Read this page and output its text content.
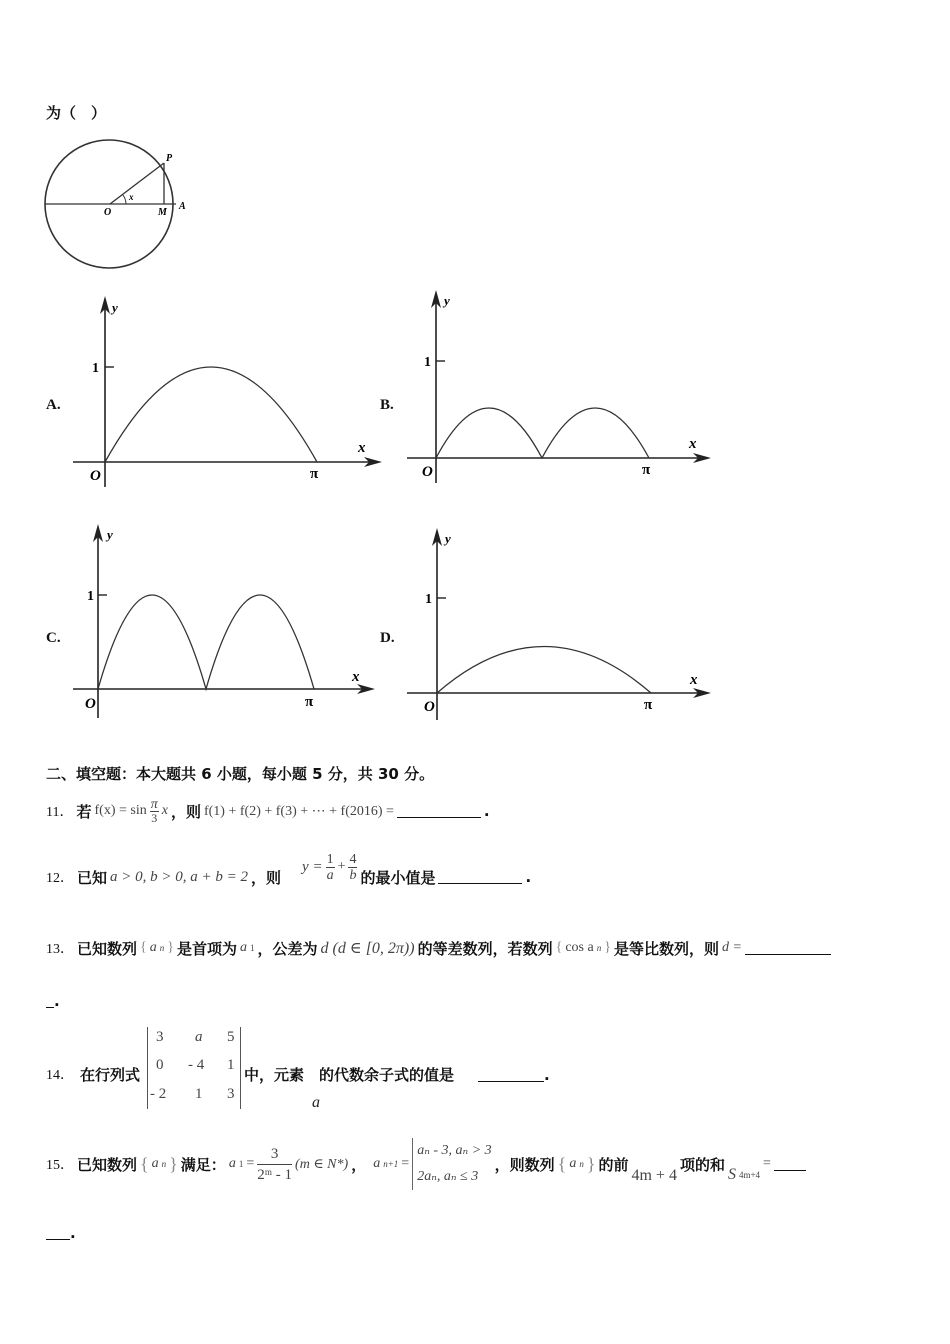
为（　）
P
x
O	M
A
A.
1
y
x
O	π
B.
1
y
x
O	π
C.
1
y
x
O	π
D.
1
y
x
O	π
二、填空题：本大题共 6 小题，每小题 5 分，共 30 分。
11． 若 $f(x) = \sin \frac{\pi}{3}$ x ，则 f(1) + f(2) + f(3) + ⋯ + f(2016) =	.
12． 已知 a > 0, b > 0, a + b = 2 ，则
$y = \frac{1}{a} + \frac{4}{b}$ 的最小值是	.
13． 已知数列 { a n } 是首项为 a 1 ，公差为 d (d ∈ [0, 2π)) 的等差数列，若数列 { cos a n } 是等比数列，则 d =
.
14． 在行列式
3 a 5
0 - 4 1
- 2 1 3
中，元素　的代数余子式的值是
a
.
15． 已知数列 { a n } 满足： a $1 = \frac{3}{\text{2ᵐ - 1}} (m$ ∈ N*) ， a n+1 =
aₙ - 3, aₙ > 3
2aₙ, aₙ ≤ 3
，则数列 { a n } 的前
4m + 4
项的和
S 4m+4
=
.
